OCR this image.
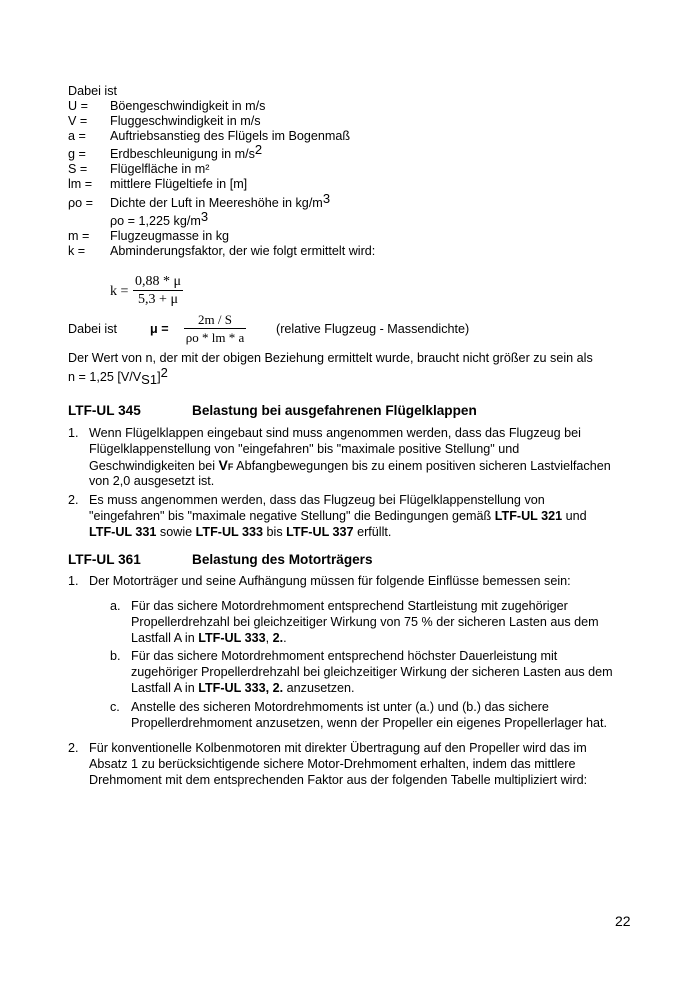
Dabei ist
U = Böengeschwindigkeit in m/s
V = Fluggeschwindigkeit in m/s
a = Auftriebsanstieg des Flügels im Bogenmaß
g = Erdbeschleunigung in $m/s^2$
S = Flügelfläche in m²
lm = mittlere Flügeltiefe in [m]
ρo = Dichte der Luft in Meereshöhe in $kg/m^3$
ρo = 1,225 $kg/m^3$
m = Flugzeugmasse in kg
k = Abminderungsfaktor, der wie folgt ermittelt wird:
$k = \frac{0,88 * \mu}{5,3 + \mu}$
Dabei ist	$\mu = \frac{2m / S}{\rho o * lm * a}$ (relative Flugzeug - Massendichte)
Der Wert von n, der mit der obigen Beziehung ermittelt wurde, braucht nicht größer zu sein als
n = 1,25 $[V/V_{S1}]^2$
LTF-UL 345	Belastung bei ausgefahrenen Flügelklappen
1. Wenn Flügelklappen eingebaut sind muss angenommen werden, dass das Flugzeug bei
Flügelklappenstellung von "eingefahren" bis "maximale positive Stellung" und
Geschwindigkeiten bei VF Abfangbewegungen bis zu einem positiven sicheren Lastvielfachen
von 2,0 ausgesetzt ist.
2. Es muss angenommen werden, dass das Flugzeug bei Flügelklappenstellung von
"eingefahren" bis "maximale negative Stellung" die Bedingungen gemäß LTF-UL 321 und
LTF-UL 331 sowie LTF-UL 333 bis LTF-UL 337 erfüllt.
LTF-UL 361	Belastung des Motorträgers
1. Der Motorträger und seine Aufhängung müssen für folgende Einflüsse bemessen sein:
a. Für das sichere Motordrehmoment entsprechend Startleistung mit zugehöriger
Propellerdrehzahl bei gleichzeitiger Wirkung von 75 % der sicheren Lasten aus dem
Lastfall A in LTF-UL 333, 2..
b. Für das sichere Motordrehmoment entsprechend höchster Dauerleistung mit
zugehöriger Propellerdrehzahl bei gleichzeitiger Wirkung der sicheren Lasten aus dem
Lastfall A in LTF-UL 333, 2. anzusetzen.
c. Anstelle des sicheren Motordrehmoments ist unter (a.) und (b.) das sichere
Propellerdrehmoment anzusetzen, wenn der Propeller ein eigenes Propellerlager hat.
2. Für konventionelle Kolbenmotoren mit direkter Übertragung auf den Propeller wird das im
Absatz 1 zu berücksichtigende sichere Motor-Drehmoment erhalten, indem das mittlere
Drehmoment mit dem entsprechenden Faktor aus der folgenden Tabelle multipliziert wird:
22
